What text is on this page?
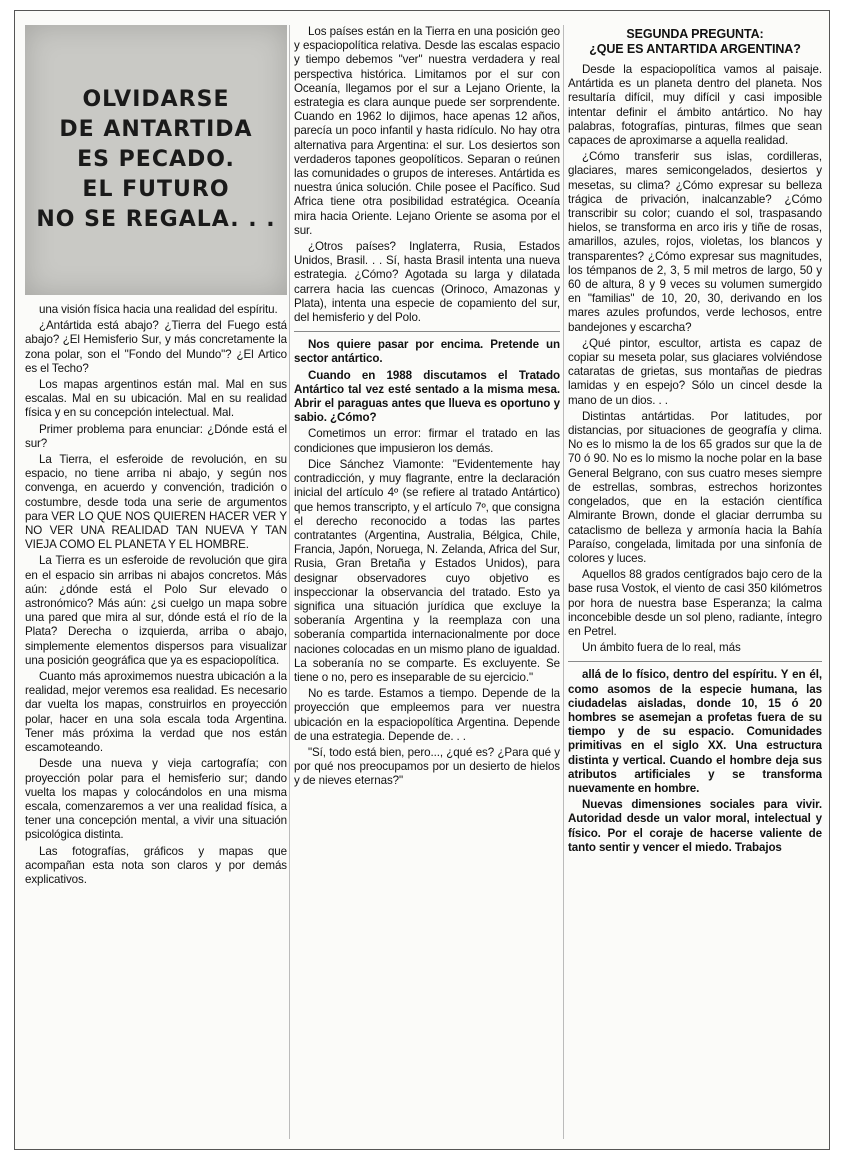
OLVIDARSE
DE ANTARTIDA
ES PECADO.
EL FUTURO
NO SE REGALA. . .

una visión física hacia una realidad del espíritu.

¿Antártida está abajo? ¿Tierra del Fuego está abajo? ¿El Hemisferio Sur, y más concretamente la zona polar, son el "Fondo del Mundo"? ¿El Artico es el Techo?

Los mapas argentinos están mal. Mal en sus escalas. Mal en su ubicación. Mal en su realidad física y en su concepción intelectual. Mal.

Primer problema para enunciar: ¿Dónde está el sur?

La Tierra, el esferoide de revolución, en su espacio, no tiene arriba ni abajo, y según nos convenga, en acuerdo y convención, tradición o costumbre, desde toda una serie de argumentos para VER LO QUE NOS QUIEREN HACER VER Y NO VER UNA REALIDAD TAN NUEVA Y TAN VIEJA COMO EL PLANETA Y EL HOMBRE.

La Tierra es un esferoide de revolución que gira en el espacio sin arribas ni abajos concretos. Más aún: ¿dónde está el Polo Sur elevado o astronómico? Más aún: ¿si cuelgo un mapa sobre una pared que mira al sur, dónde está el río de la Plata? Derecha o izquierda, arriba o abajo, simplemente elementos dispersos para visualizar una posición geográfica que ya es espaciopolítica.

Cuanto más aproximemos nuestra ubicación a la realidad, mejor veremos esa realidad. Es necesario dar vuelta los mapas, construirlos en proyección polar, hacer en una sola escala toda Argentina. Tener más próxima la verdad que nos están escamoteando.

Desde una nueva y vieja cartografía; con proyección polar para el hemisferio sur; dando vuelta los mapas y colocándolos en una misma escala, comenzaremos a ver una realidad física, a tener una concepción mental, a vivir una situación psicológica distinta.

Las fotografías, gráficos y mapas que acompañan esta nota son claros y por demás explicativos.

Los países están en la Tierra en una posición geo y espaciopolítica relativa. Desde las escalas espacio y tiempo debemos "ver" nuestra verdadera y real perspectiva histórica. Limitamos por el sur con Oceanía, llegamos por el sur a Lejano Oriente, la estrategia es clara aunque puede ser sorprendente. Cuando en 1962 lo dijimos, hace apenas 12 años, parecía un poco infantil y hasta ridículo. No hay otra alternativa para Argentina: el sur. Los desiertos son verdaderos tapones geopolíticos. Separan o reúnen las comunidades o grupos de intereses. Antártida es nuestra única solución. Chile posee el Pacífico. Sud Africa tiene otra posibilidad estratégica. Oceanía mira hacia Oriente. Lejano Oriente se asoma por el sur.

¿Otros países? Inglaterra, Rusia, Estados Unidos, Brasil. . . Sí, hasta Brasil intenta una nueva estrategia. ¿Cómo? Agotada su larga y dilatada carrera hacia las cuencas (Orinoco, Amazonas y Plata), intenta una especie de copamiento del sur, del hemisferio y del Polo.

Nos quiere pasar por encima. Pretende un sector antártico.

Cuando en 1988 discutamos el Tratado Antártico tal vez esté sentado a la misma mesa. Abrir el paraguas antes que llueva es oportuno y sabio. ¿Cómo?

Cometimos un error: firmar el tratado en las condiciones que impusieron los demás.

Dice Sánchez Viamonte: "Evidentemente hay contradicción, y muy flagrante, entre la declaración inicial del artículo 4º (se refiere al tratado Antártico) que hemos transcripto, y el artículo 7º, que consigna el derecho reconocido a todas las partes contratantes (Argentina, Australia, Bélgica, Chile, Francia, Japón, Noruega, N. Zelanda, Africa del Sur, Rusia, Gran Bretaña y Estados Unidos), para designar observadores cuyo objetivo es inspeccionar la observancia del tratado. Esto ya significa una situación jurídica que excluye la soberanía Argentina y la reemplaza con una soberanía compartida internacionalmente por doce naciones colocadas en un mismo plano de igualdad. La soberanía no se comparte. Es excluyente. Se tiene o no, pero es inseparable de su ejercicio."

No es tarde. Estamos a tiempo. Depende de la proyección que empleemos para ver nuestra ubicación en la espaciopolítica Argentina. Depende de una estrategia. Depende de. . .

"Sí, todo está bien, pero..., ¿qué es? ¿Para qué y por qué nos preocupamos por un desierto de hielos y de nieves eternas?"

SEGUNDA PREGUNTA:
¿QUE ES ANTARTIDA ARGENTINA?

Desde la espaciopolítica vamos al paisaje. Antártida es un planeta dentro del planeta. Nos resultaría difícil, muy difícil y casi imposible intentar definir el ámbito antártico. No hay palabras, fotografías, pinturas, filmes que sean capaces de aproximarse a aquella realidad.

¿Cómo transferir sus islas, cordilleras, glaciares, mares semicongelados, desiertos y mesetas, su clima? ¿Cómo expresar su belleza trágica de privación, inalcanzable? ¿Cómo transcribir su color; cuando el sol, traspasando hielos, se transforma en arco iris y tiñe de rosas, amarillos, azules, rojos, violetas, los blancos y transparentes? ¿Cómo expresar sus magnitudes, los témpanos de 2, 3, 5 mil metros de largo, 50 y 60 de altura, 8 y 9 veces su volumen sumergido en "familias" de 10, 20, 30, derivando en los mares azules profundos, verde lechosos, entre bandejones y escarcha?

¿Qué pintor, escultor, artista es capaz de copiar su meseta polar, sus glaciares volviéndose cataratas de grietas, sus montañas de piedras lamidas y en espejo? Sólo un cincel desde la mano de un dios. . .

Distintas antártidas. Por latitudes, por distancias, por situaciones de geografía y clima. No es lo mismo la de los 65 grados sur que la de 70 ó 90. No es lo mismo la noche polar en la base General Belgrano, con sus cuatro meses siempre de estrellas, sombras, estrechos horizontes congelados, que en la estación científica Almirante Brown, donde el glaciar derrumba su cataclismo de belleza y armonía hacia la Bahía Paraíso, congelada, limitada por una sinfonía de colores y luces.

Aquellos 88 grados centígrados bajo cero de la base rusa Vostok, el viento de casi 350 kilómetros por hora de nuestra base Esperanza; la calma inconcebible desde un sol pleno, radiante, íntegro en Petrel.

Un ámbito fuera de lo real, más

allá de lo físico, dentro del espíritu. Y en él, como asomos de la especie humana, las ciudadelas aisladas, donde 10, 15 ó 20 hombres se asemejan a profetas fuera de su tiempo y de su espacio. Comunidades primitivas en el siglo XX. Una estructura distinta y vertical. Cuando el hombre deja sus atributos artificiales y se transforma nuevamente en hombre.

Nuevas dimensiones sociales para vivir. Autoridad desde un valor moral, intelectual y físico. Por el coraje de hacerse valiente de tanto sentir y vencer el miedo. Trabajos
